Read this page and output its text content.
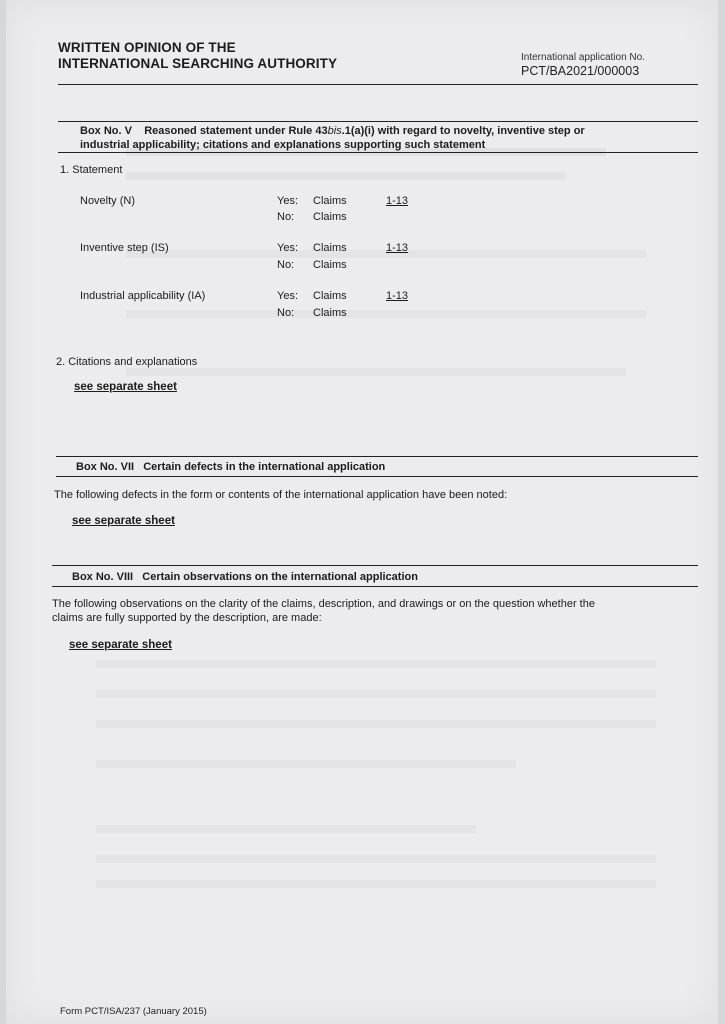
WRITTEN OPINION OF THE
INTERNATIONAL SEARCHING AUTHORITY	International application No.
PCT/BA2021/000003
Box No. V Reasoned statement under Rule 43bis.1(a)(i) with regard to novelty, inventive step or
industrial applicability; citations and explanations supporting such statement
1. Statement
Novelty (N)	Yes: Claims	1-13
No: Claims
Inventive step (IS)	Yes: Claims	1-13
No: Claims
Industrial applicability (IA)	Yes: Claims	1-13
No: Claims
2. Citations and explanations
see separate sheet
Box No. VII Certain defects in the international application
The following defects in the form or contents of the international application have been noted:
see separate sheet
Box No. VIII Certain observations on the international application
The following observations on the clarity of the claims, description, and drawings or on the question whether the
claims are fully supported by the description, are made:
see separate sheet
Form PCT/ISA/237 (January 2015)
